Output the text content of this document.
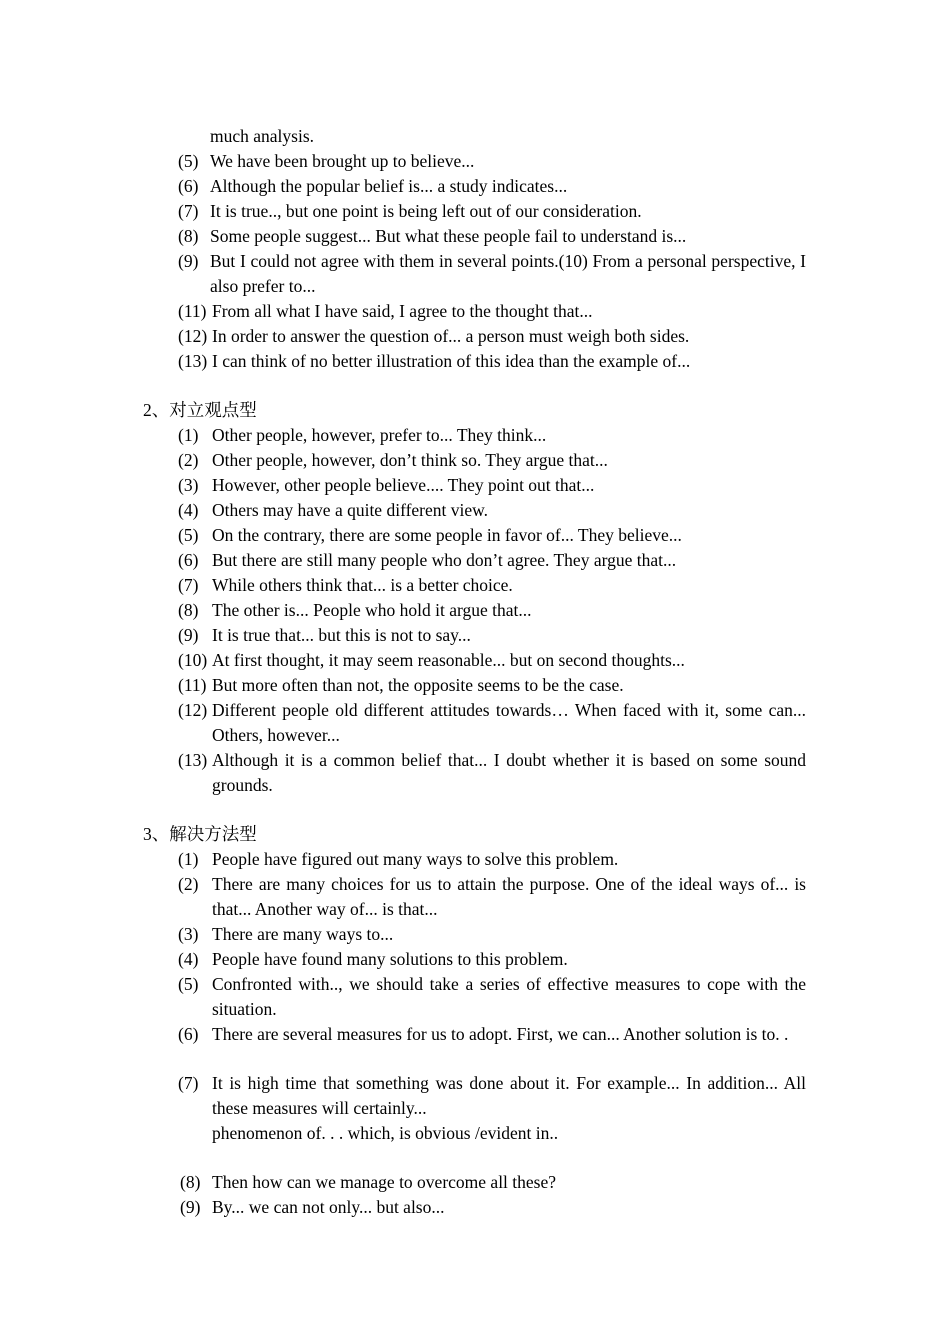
much analysis.
(5) We have been brought up to believe...
(6) Although the popular belief is... a study indicates...
(7) It is true.., but one point is being left out of our consideration.
(8) Some people suggest... But what these people fail to understand is...
(9) But I could not agree with them in several points.(10) From a personal perspective, I also prefer to...
(11) From all what I have said, I agree to the thought that...
(12) In order to answer the question of... a person must weigh both sides.
(13) I can think of no better illustration of this idea than the example of...
2、对立观点型
(1) Other people, however, prefer to... They think...
(2) Other people, however, don’t think so. They argue that...
(3) However, other people believe.... They point out that...
(4) Others may have a quite different view.
(5) On the contrary, there are some people in favor of... They believe...
(6) But there are still many people who don’t agree. They argue that...
(7) While others think that... is a better choice.
(8) The other is... People who hold it argue that...
(9) It is true that... but this is not to say...
(10) At first thought, it may seem reasonable... but on second thoughts...
(11) But more often than not, the opposite seems to be the case.
(12) Different people old different attitudes towards… When faced with it, some can... Others, however...
(13) Although it is a common belief that... I doubt whether it is based on some sound grounds.
3、解决方法型
(1) People have figured out many ways to solve this problem.
(2) There are many choices for us to attain the purpose. One of the ideal ways of... is that... Another way of... is that...
(3) There are many ways to...
(4) People have found many solutions to this problem.
(5) Confronted with.., we should take a series of effective measures to cope with the situation.
(6) There are several measures for us to adopt. First, we can... Another solution is to. .
(7) It is high time that something was done about it. For example... In addition... All these measures will certainly...
phenomenon of. . . which, is obvious /evident in..
(8) Then how can we manage to overcome all these?
(9) By... we can not only... but also...
